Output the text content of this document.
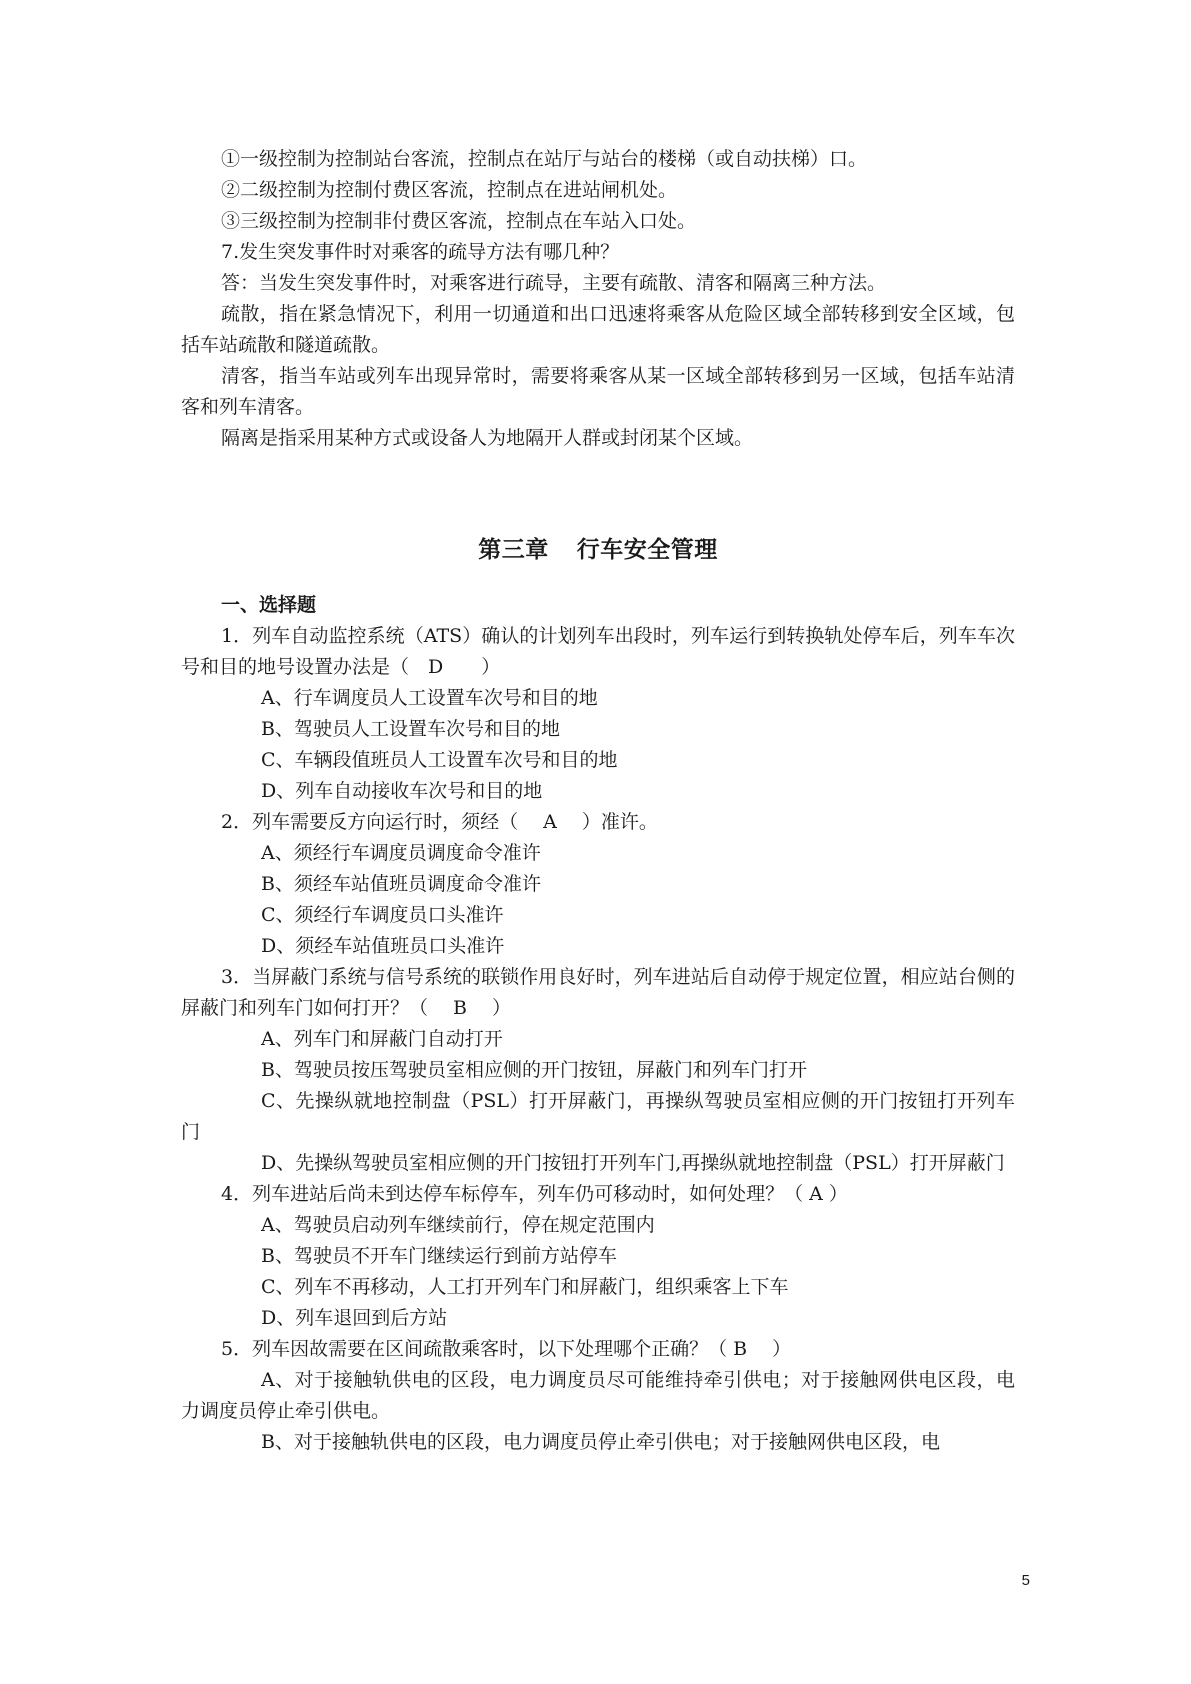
①一级控制为控制站台客流，控制点在站厅与站台的楼梯（或自动扶梯）口。

②二级控制为控制付费区客流，控制点在进站闸机处。

③三级控制为控制非付费区客流，控制点在车站入口处。

7.发生突发事件时对乘客的疏导方法有哪几种？

答：当发生突发事件时，对乘客进行疏导，主要有疏散、清客和隔离三种方法。

疏散，指在紧急情况下，利用一切通道和出口迅速将乘客从危险区域全部转移到安全区域，包括车站疏散和隧道疏散。

清客，指当车站或列车出现异常时，需要将乘客从某一区域全部转移到另一区域，包括车站清客和列车清客。

隔离是指采用某种方式或设备人为地隔开人群或封闭某个区域。

第三章 行车安全管理
一、选择题

1．列车自动监控系统（ATS）确认的计划列车出段时，列车运行到转换轨处停车后，列车车次号和目的地号设置办法是（　D　　）

A、行车调度员人工设置车次号和目的地

B、驾驶员人工设置车次号和目的地

C、车辆段值班员人工设置车次号和目的地

D、列车自动接收车次号和目的地

2．列车需要反方向运行时，须经（　 A　 ）准许。

A、须经行车调度员调度命令准许

B、须经车站值班员调度命令准许

C、须经行车调度员口头准许

D、须经车站值班员口头准许

3．当屏蔽门系统与信号系统的联锁作用良好时，列车进站后自动停于规定位置，相应站台侧的屏蔽门和列车门如何打开？（　 B　 ）

A、列车门和屏蔽门自动打开

B、驾驶员按压驾驶员室相应侧的开门按钮，屏蔽门和列车门打开

C、先操纵就地控制盘（PSL）打开屏蔽门，再操纵驾驶员室相应侧的开门按钮打开列车门

D、先操纵驾驶员室相应侧的开门按钮打开列车门,再操纵就地控制盘（PSL）打开屏蔽门

4．列车进站后尚未到达停车标停车，列车仍可移动时，如何处理？（ A ）

A、驾驶员启动列车继续前行，停在规定范围内

B、驾驶员不开车门继续运行到前方站停车

C、列车不再移动，人工打开列车门和屏蔽门，组织乘客上下车

D、列车退回到后方站

5．列车因故需要在区间疏散乘客时，以下处理哪个正确？（ B　 ）

A、对于接触轨供电的区段，电力调度员尽可能维持牵引供电；对于接触网供电区段，电力调度员停止牵引供电。

B、对于接触轨供电的区段，电力调度员停止牵引供电；对于接触网供电区段，电

5
